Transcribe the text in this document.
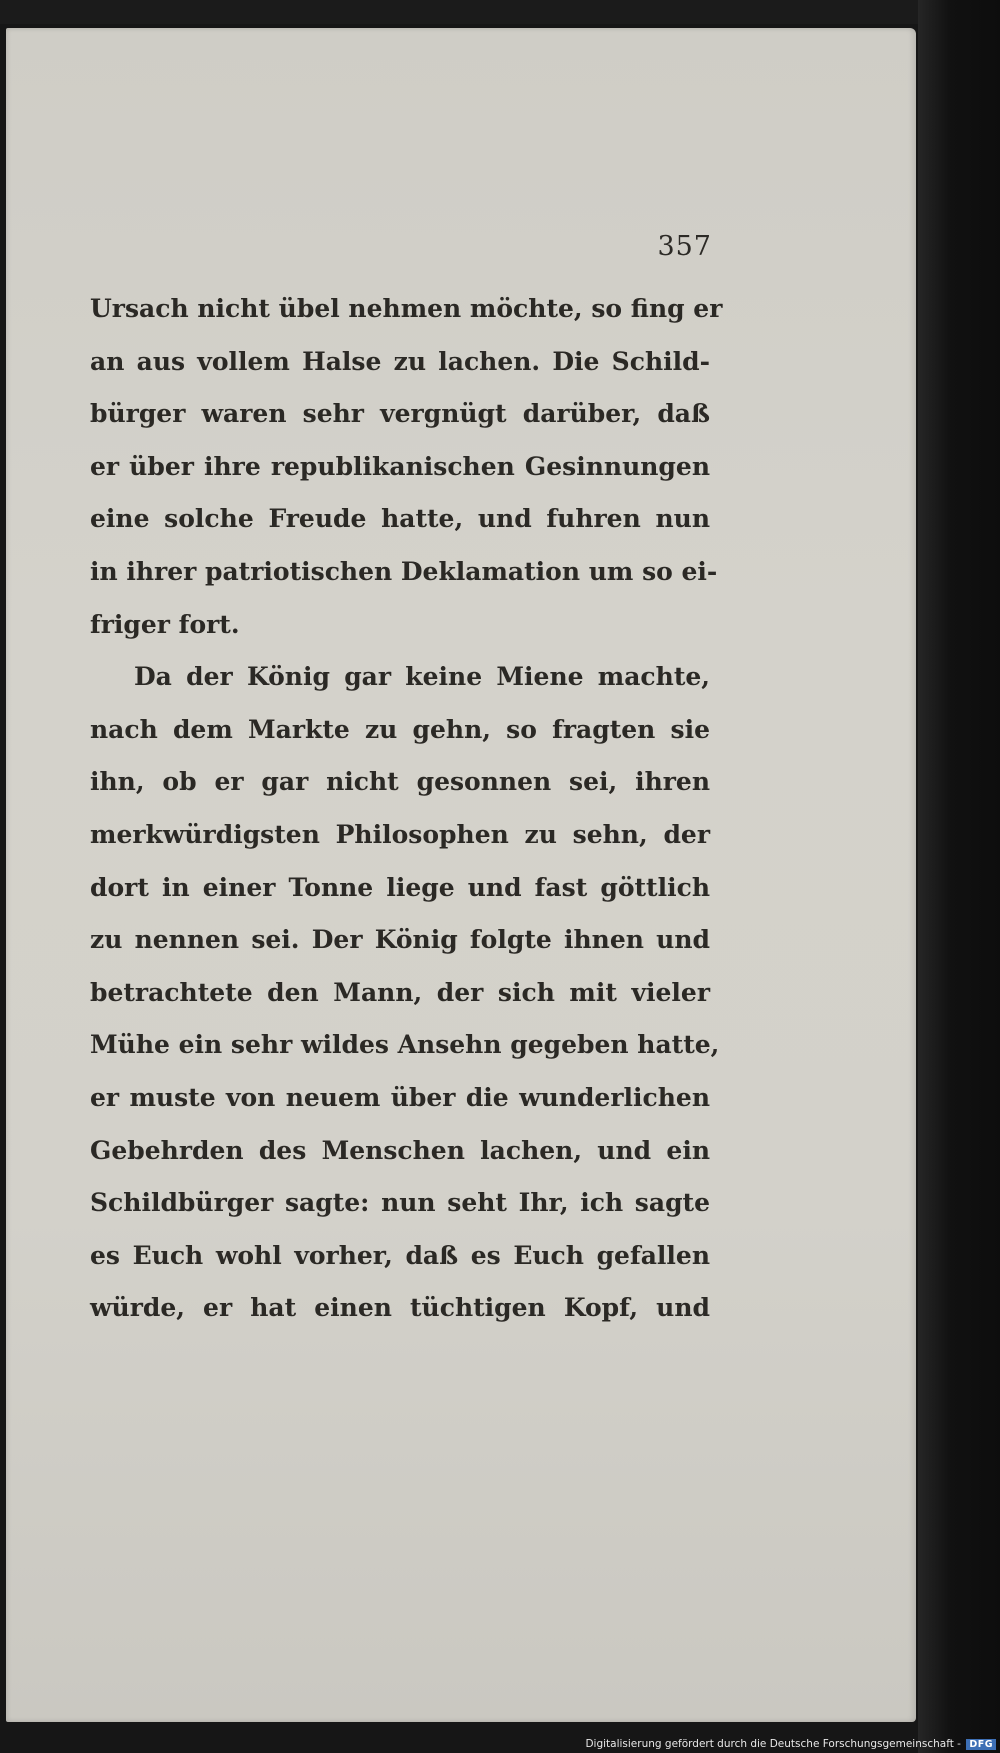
357
Ursach nicht übel nehmen möchte, so fing er
an aus vollem Halse zu lachen. Die Schild-
bürger waren sehr vergnügt darüber, daß
er über ihre republikanischen Gesinnungen
eine solche Freude hatte, und fuhren nun
in ihrer patriotischen Deklamation um so ei-
friger fort.
Da der König gar keine Miene machte,
nach dem Markte zu gehn, so fragten sie
ihn, ob er gar nicht gesonnen sei, ihren
merkwürdigsten Philosophen zu sehn, der
dort in einer Tonne liege und fast göttlich
zu nennen sei. Der König folgte ihnen und
betrachtete den Mann, der sich mit vieler
Mühe ein sehr wildes Ansehn gegeben hatte,
er muste von neuem über die wunderlichen
Gebehrden des Menschen lachen, und ein
Schildbürger sagte: nun seht Ihr, ich sagte
es Euch wohl vorher, daß es Euch gefallen
würde, er hat einen tüchtigen Kopf, und
Digitalisierung gefördert durch die Deutsche Forschungsgemeinschaft - DFG
